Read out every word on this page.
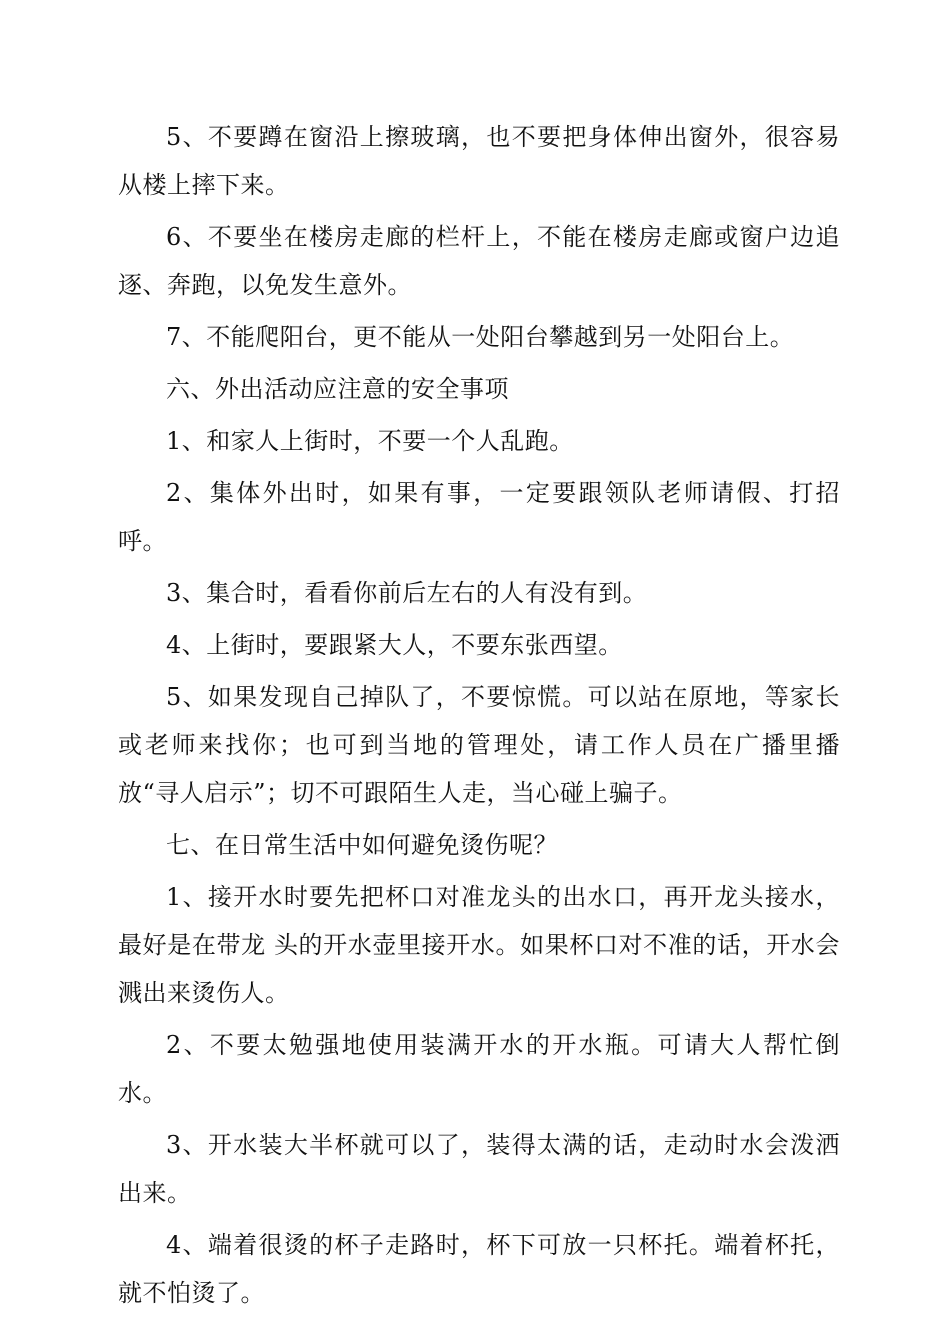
5、不要蹲在窗沿上擦玻璃，也不要把身体伸出窗外，很容易从楼上摔下来。

6、不要坐在楼房走廊的栏杆上，不能在楼房走廊或窗户边追逐、奔跑，以免发生意外。

7、不能爬阳台，更不能从一处阳台攀越到另一处阳台上。

六、外出活动应注意的安全事项

1、和家人上街时，不要一个人乱跑。

2、集体外出时，如果有事，一定要跟领队老师请假、打招呼。

3、集合时，看看你前后左右的人有没有到。

4、上街时，要跟紧大人，不要东张西望。

5、如果发现自己掉队了，不要惊慌。可以站在原地，等家长或老师来找你；也可到当地的管理处，请工作人员在广播里播放“寻人启示”；切不可跟陌生人走，当心碰上骗子。

七、在日常生活中如何避免烫伤呢？

1、接开水时要先把杯口对准龙头的出水口，再开龙头接水，最好是在带龙 头的开水壶里接开水。如果杯口对不准的话，开水会溅出来烫伤人。

2、不要太勉强地使用装满开水的开水瓶。可请大人帮忙倒水。

3、开水装大半杯就可以了，装得太满的话，走动时水会泼洒出来。

4、端着很烫的杯子走路时，杯下可放一只杯托。端着杯托，就不怕烫了。
